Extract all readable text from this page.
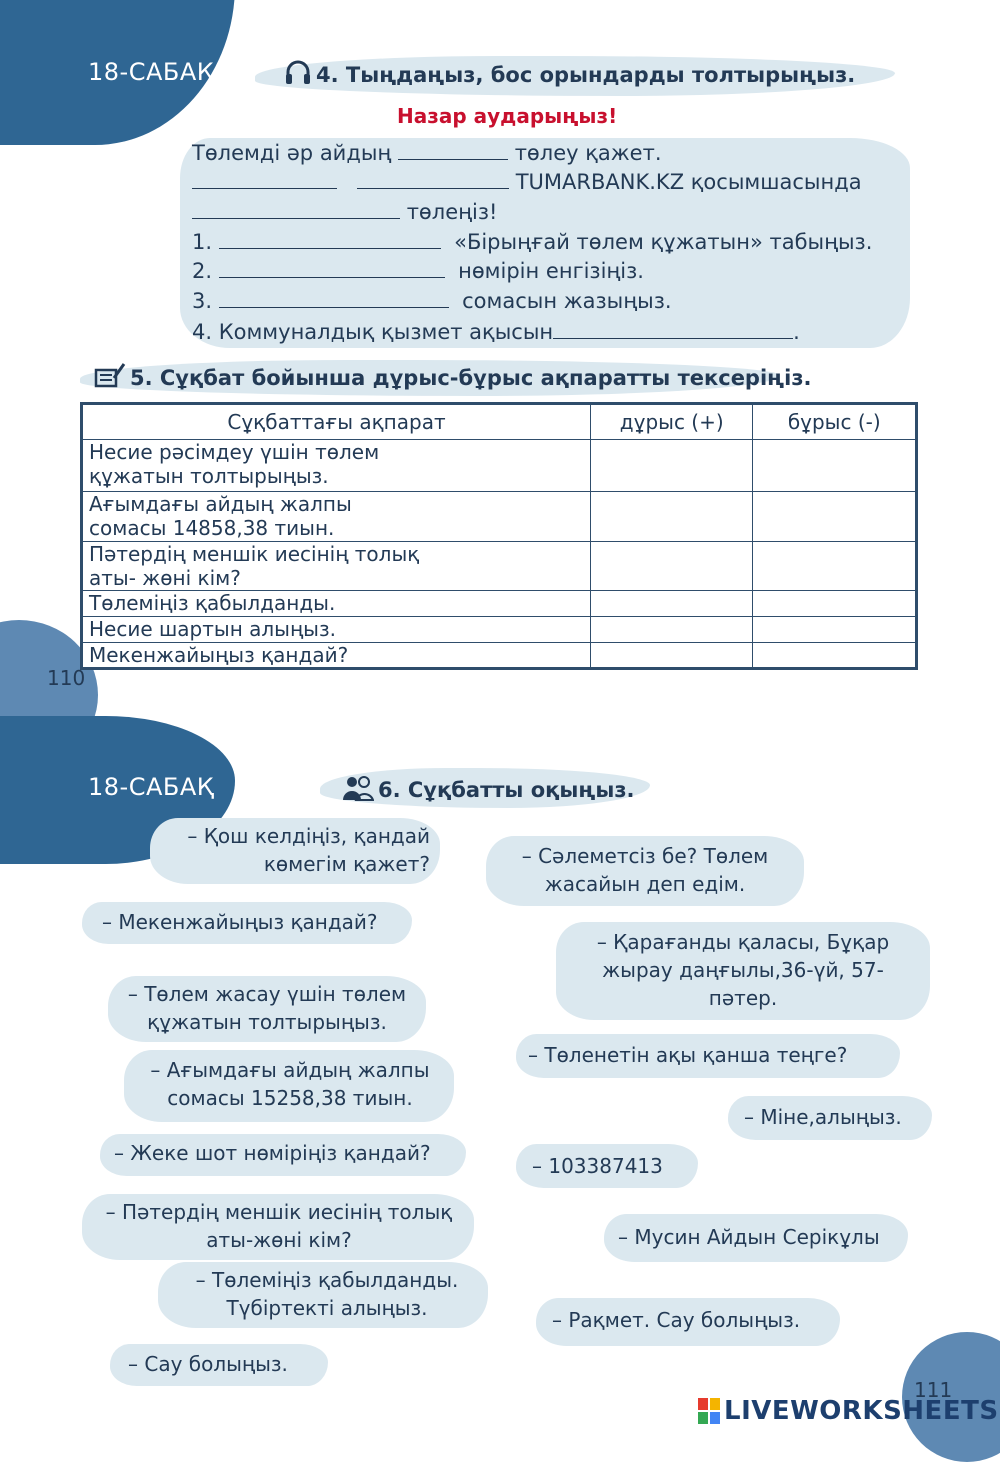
18-САБАҚ	4. Тыңдаңыз, бос орындарды толтырыңыз.
Назар аударыңыз!
Төлемді әр айдың	төлеу қажет.
TUMARBANK.KZ қосымшасында
төлеңіз!
1.	«Бірыңғай төлем құжатын» табыңыз.
2.	нөмірін енгізіңіз.
3.	сомасын жазыңыз.
4. Коммуналдық қызмет ақысын	.
5. Сұқбат бойынша дұрыс-бұрыс ақпаратты тексеріңіз.
Сұқбаттағы ақпарат	дұрыс (+)	бұрыс (-)
Несие рәсімдеу үшін төлем құжатын толтырыңыз.		
Ағымдағы айдың жалпы сомасы 14858,38 тиын.		
Пәтердің меншік иесінің толық аты- жөні кім?		
Төлеміңіз қабылданды.		
Несие шартын алыңыз.		
Мекенжайыңыз қандай?		
110
18-САБАҚ	6. Сұқбатты оқыңыз.
– Қош келдіңіз, қандай көмегім қажет?
– Мекенжайыңыз қандай?
– Төлем жасау үшін төлем құжатын толтырыңыз.
– Ағымдағы айдың жалпы сомасы 15258,38 тиын.
– Жеке шот нөміріңіз қандай?
– Пәтердің меншік иесінің толық аты-жөні кім?
– Төлеміңіз қабылданды. Түбіртекті алыңыз.
– Сау болыңыз.
– Сәлеметсіз бе? Төлем жасайын деп едім.
– Қарағанды қаласы, Бұқар жырау даңғылы,36-үй, 57-пәтер.
– Төленетін ақы қанша теңге?
– Міне,алыңыз.
– 103387413
– Мусин Айдын Серікұлы
– Рақмет. Сау болыңыз.
111
LIVEWORKSHEETS
